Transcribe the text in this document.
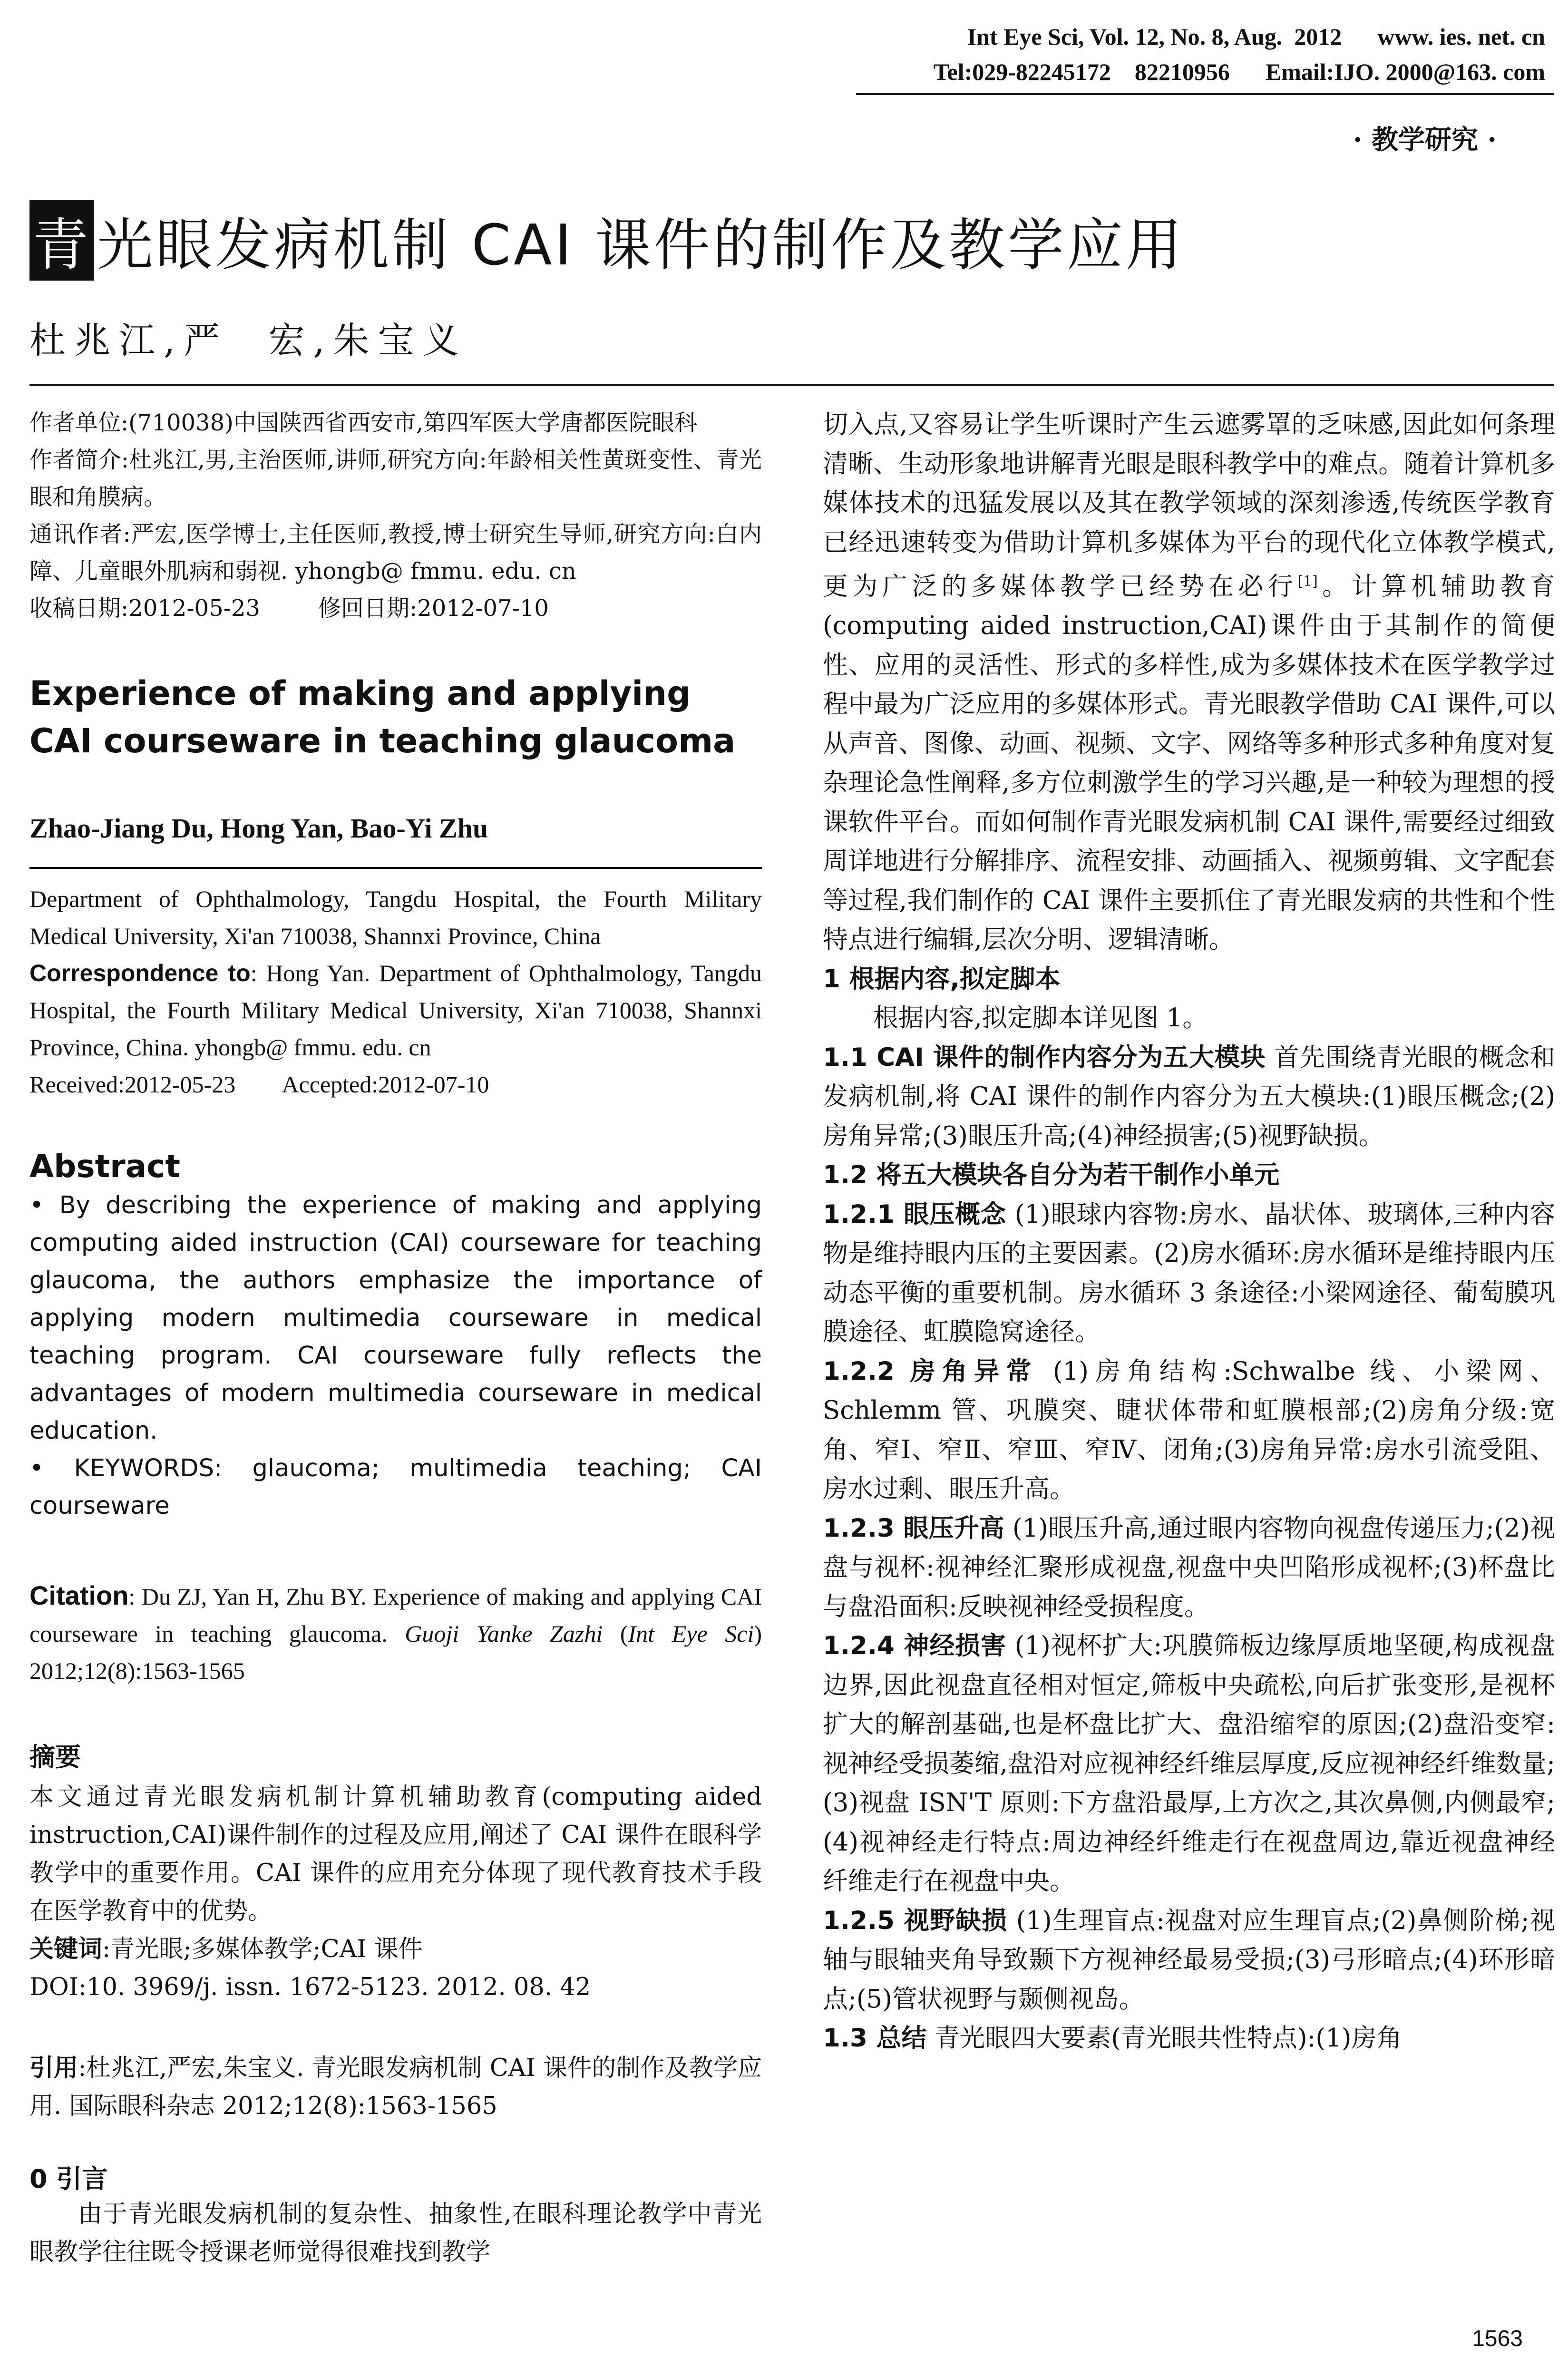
Int Eye Sci, Vol. 12, No. 8, Aug.  2012      www. ies. net. cn
Tel:029-82245172    82210956      Email:IJO. 2000@163. com
· 教学研究 ·
青 光眼发病机制 CAI 课件的制作及教学应用
杜兆江,严  宏,朱宝义

作者单位:(710038)中国陕西省西安市,第四军医大学唐都医院眼科

作者简介:杜兆江,男,主治医师,讲师,研究方向:年龄相关性黄斑变性、青光眼和角膜病。

通讯作者:严宏,医学博士,主任医师,教授,博士研究生导师,研究方向:白内障、儿童眼外肌病和弱视. yhongb@ fmmu. edu. cn

收稿日期:2012-05-23        修回日期:2012-07-10

Experience of making and applying CAI courseware in teaching glaucoma
Zhao-Jiang Du, Hong Yan, Bao-Yi Zhu

Department of Ophthalmology, Tangdu Hospital, the Fourth Military Medical University, Xi'an 710038, Shannxi Province, China

Correspondence to: Hong Yan. Department of Ophthalmology, Tangdu Hospital, the Fourth Military Medical University, Xi'an 710038, Shannxi Province, China. yhongb@ fmmu. edu. cn

Received:2012-05-23        Accepted:2012-07-10

Abstract

• By describing the experience of making and applying computing aided instruction (CAI) courseware for teaching glaucoma, the authors emphasize the importance of applying modern multimedia courseware in medical teaching program. CAI courseware fully reflects the advantages of modern multimedia courseware in medical education.

• KEYWORDS: glaucoma; multimedia teaching; CAI courseware

Citation: Du ZJ, Yan H, Zhu BY. Experience of making and applying CAI courseware in teaching glaucoma. Guoji Yanke Zazhi (Int Eye Sci) 2012;12(8):1563-1565
摘要

本文通过青光眼发病机制计算机辅助教育(computing aided instruction,CAI)课件制作的过程及应用,阐述了 CAI 课件在眼科学教学中的重要作用。CAI 课件的应用充分体现了现代教育技术手段在医学教育中的优势。

关键词:青光眼;多媒体教学;CAI 课件

DOI:10. 3969/j. issn. 1672-5123. 2012. 08. 42

引用:杜兆江,严宏,朱宝义. 青光眼发病机制 CAI 课件的制作及教学应用. 国际眼科杂志 2012;12(8):1563-1565

0 引言

由于青光眼发病机制的复杂性、抽象性,在眼科理论教学中青光眼教学往往既令授课老师觉得很难找到教学

切入点,又容易让学生听课时产生云遮雾罩的乏味感,因此如何条理清晰、生动形象地讲解青光眼是眼科教学中的难点。随着计算机多媒体技术的迅猛发展以及其在教学领域的深刻渗透,传统医学教育已经迅速转变为借助计算机多媒体为平台的现代化立体教学模式,更为广泛的多媒体教学已经势在必行[1]。计算机辅助教育(computing aided instruction,CAI)课件由于其制作的简便性、应用的灵活性、形式的多样性,成为多媒体技术在医学教学过程中最为广泛应用的多媒体形式。青光眼教学借助 CAI 课件,可以从声音、图像、动画、视频、文字、网络等多种形式多种角度对复杂理论急性阐释,多方位刺激学生的学习兴趣,是一种较为理想的授课软件平台。而如何制作青光眼发病机制 CAI 课件,需要经过细致周详地进行分解排序、流程安排、动画插入、视频剪辑、文字配套等过程,我们制作的 CAI 课件主要抓住了青光眼发病的共性和个性特点进行编辑,层次分明、逻辑清晰。

1 根据内容,拟定脚本

根据内容,拟定脚本详见图 1。

1.1 CAI 课件的制作内容分为五大模块 首先围绕青光眼的概念和发病机制,将 CAI 课件的制作内容分为五大模块:(1)眼压概念;(2)房角异常;(3)眼压升高;(4)神经损害;(5)视野缺损。

1.2 将五大模块各自分为若干制作小单元

1.2.1 眼压概念 (1)眼球内容物:房水、晶状体、玻璃体,三种内容物是维持眼内压的主要因素。(2)房水循环:房水循环是维持眼内压动态平衡的重要机制。房水循环 3 条途径:小梁网途径、葡萄膜巩膜途径、虹膜隐窝途径。

1.2.2 房角异常 (1)房角结构:Schwalbe 线、小梁网、Schlemm 管、巩膜突、睫状体带和虹膜根部;(2)房角分级:宽角、窄Ⅰ、窄Ⅱ、窄Ⅲ、窄Ⅳ、闭角;(3)房角异常:房水引流受阻、房水过剩、眼压升高。

1.2.3 眼压升高 (1)眼压升高,通过眼内容物向视盘传递压力;(2)视盘与视杯:视神经汇聚形成视盘,视盘中央凹陷形成视杯;(3)杯盘比与盘沿面积:反映视神经受损程度。

1.2.4 神经损害 (1)视杯扩大:巩膜筛板边缘厚质地坚硬,构成视盘边界,因此视盘直径相对恒定,筛板中央疏松,向后扩张变形,是视杯扩大的解剖基础,也是杯盘比扩大、盘沿缩窄的原因;(2)盘沿变窄:视神经受损萎缩,盘沿对应视神经纤维层厚度,反应视神经纤维数量;(3)视盘 ISN'T 原则:下方盘沿最厚,上方次之,其次鼻侧,内侧最窄;(4)视神经走行特点:周边神经纤维走行在视盘周边,靠近视盘神经纤维走行在视盘中央。

1.2.5 视野缺损 (1)生理盲点:视盘对应生理盲点;(2)鼻侧阶梯;视轴与眼轴夹角导致颞下方视神经最易受损;(3)弓形暗点;(4)环形暗点;(5)管状视野与颞侧视岛。

1.3 总结 青光眼四大要素(青光眼共性特点):(1)房角

1563
